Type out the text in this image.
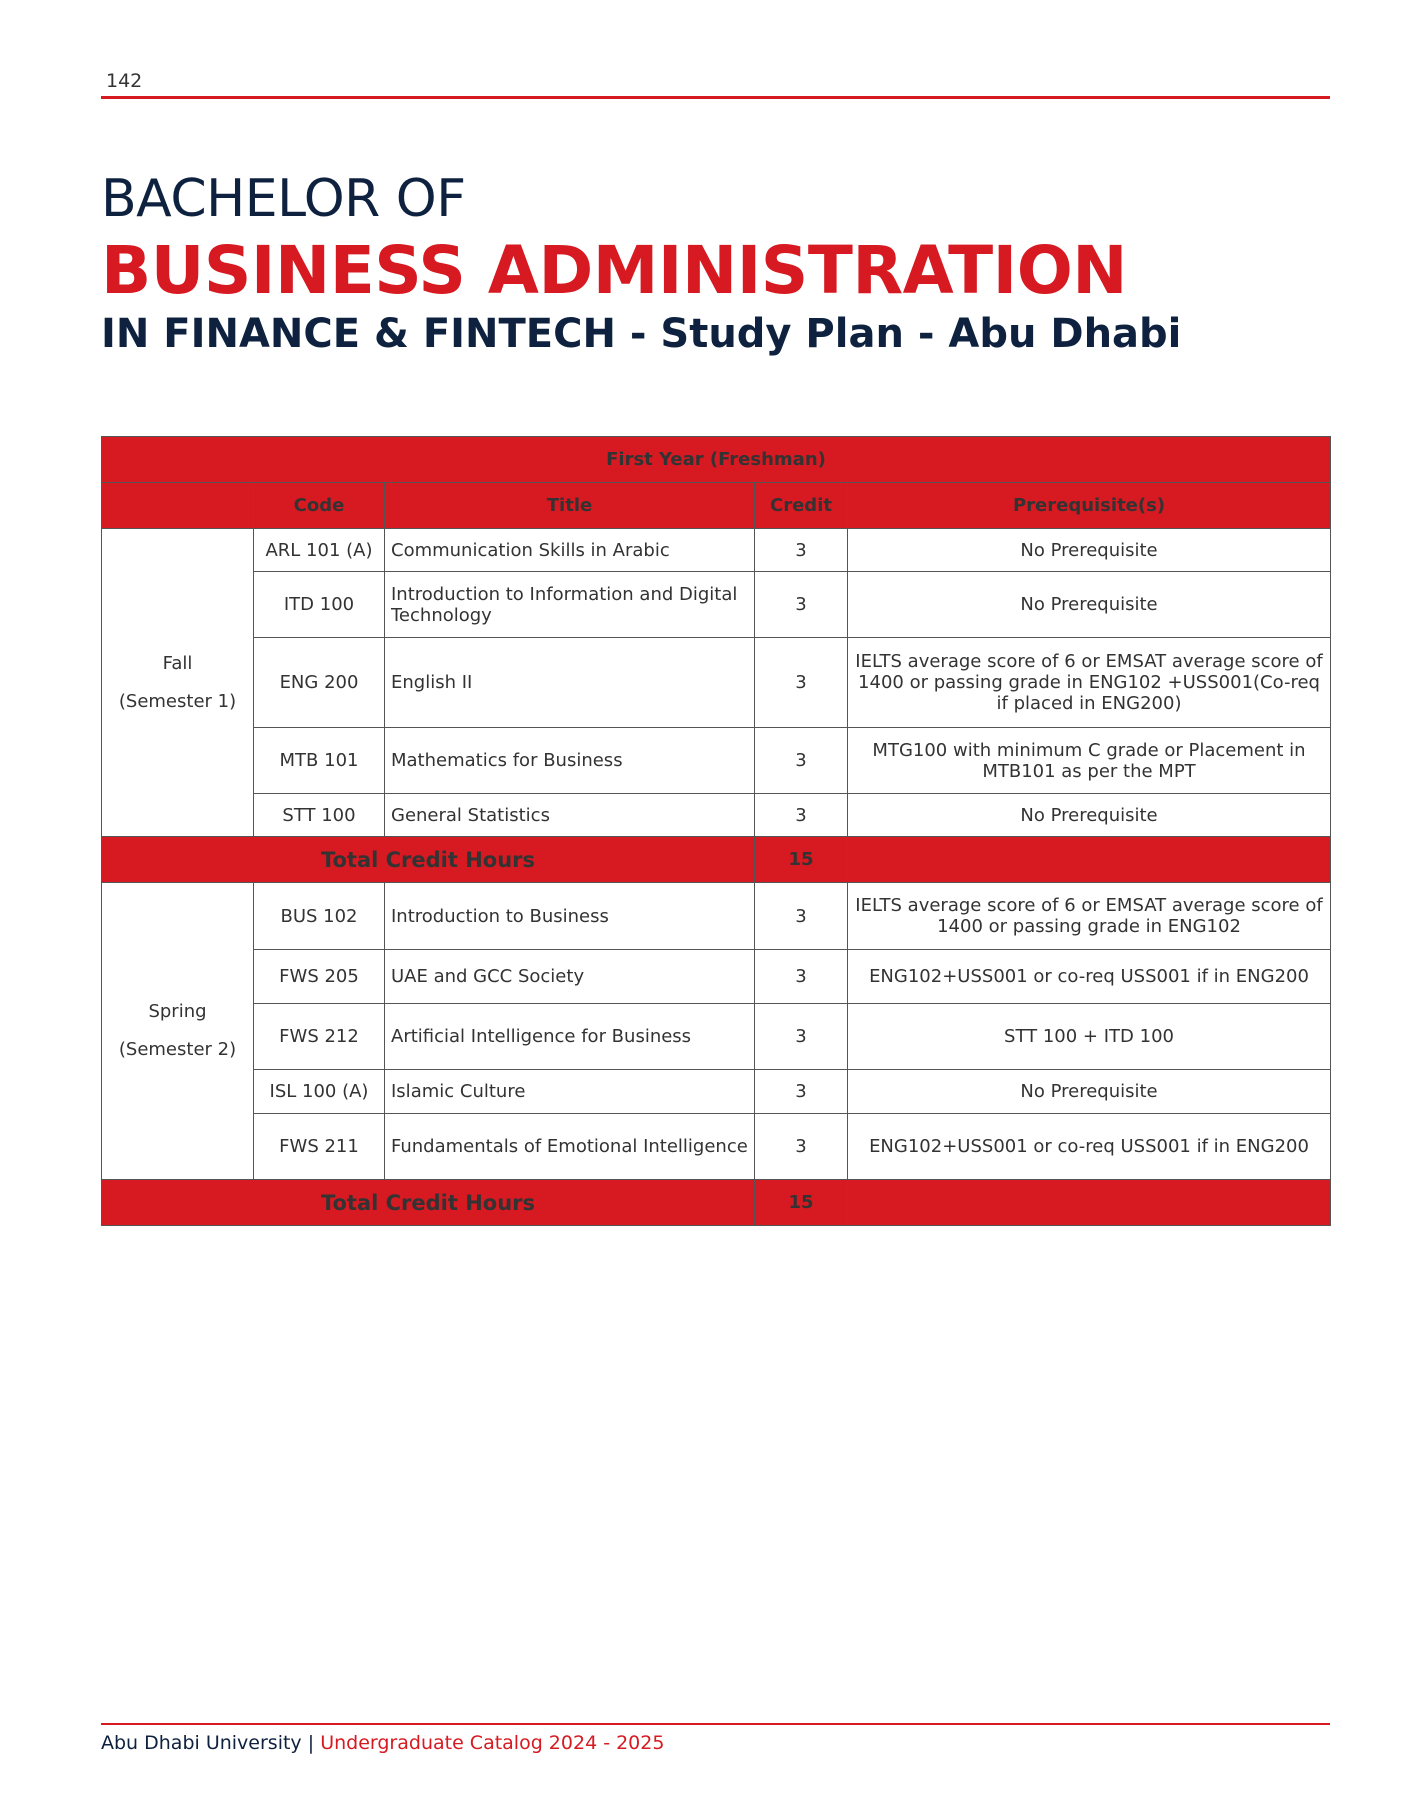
142
BACHELOR OF
BUSINESS ADMINISTRATION
IN FINANCE & FINTECH - Study Plan - Abu Dhabi
First Year (Freshman)				
	Code	Title	Credit	Prerequisite(s)

Fall
(Semester 1)	ARL 101 (A)	Communication Skills in Arabic	3	No Prerequisite
	ITD 100	Introduction to Information and Digital Technology	3	No Prerequisite
	ENG 200	English II	3	IELTS average score of 6 or EMSAT average score of 1400 or passing grade in ENG102 +USS001(Co-req if placed in ENG200)
	MTB 101	Mathematics for Business	3	MTG100 with minimum C grade or Placement in MTB101 as per the MPT
	STT 100	General Statistics	3	No Prerequisite
Total Credit Hours			15	

Spring
(Semester 2)	BUS 102	Introduction to Business	3	IELTS average score of 6 or EMSAT average score of 1400 or passing grade in ENG102
	FWS 205	UAE and GCC Society	3	ENG102+USS001 or co-req USS001 if in ENG200
	FWS 212	Artificial Intelligence for Business	3	STT 100 + ITD 100
	ISL 100 (A)	Islamic Culture	3	No Prerequisite
	FWS 211	Fundamentals of Emotional Intelligence	3	ENG102+USS001 or co-req USS001 if in ENG200
Total Credit Hours			15	
Abu Dhabi University | Undergraduate Catalog 2024 - 2025
